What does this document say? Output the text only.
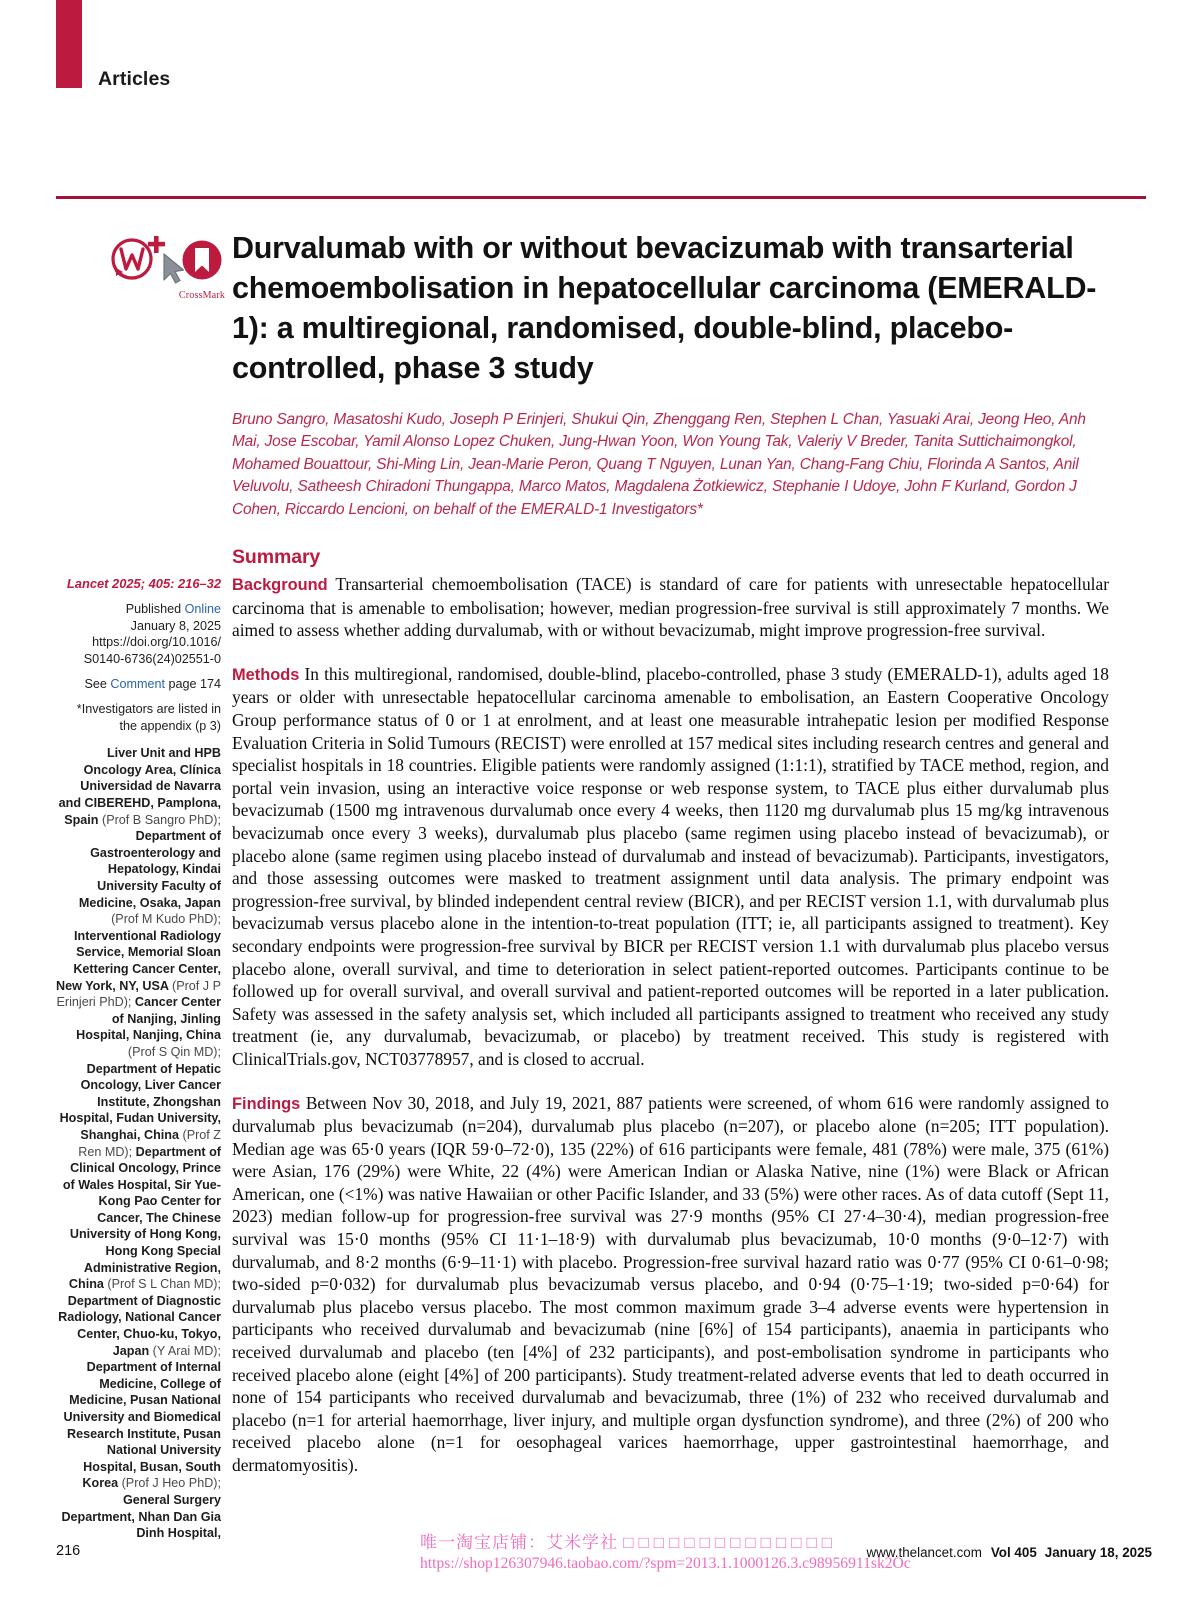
Articles
CrossMark
Durvalumab with or without bevacizumab with transarterial chemoembolisation in hepatocellular carcinoma (EMERALD-1): a multiregional, randomised, double-blind, placebo-controlled, phase 3 study
Bruno Sangro, Masatoshi Kudo, Joseph P Erinjeri, Shukui Qin, Zhenggang Ren, Stephen L Chan, Yasuaki Arai, Jeong Heo, Anh Mai, Jose Escobar, Yamil Alonso Lopez Chuken, Jung-Hwan Yoon, Won Young Tak, Valeriy V Breder, Tanita Suttichaimongkol, Mohamed Bouattour, Shi-Ming Lin, Jean-Marie Peron, Quang T Nguyen, Lunan Yan, Chang-Fang Chiu, Florinda A Santos, Anil Veluvolu, Satheesh Chiradoni Thungappa, Marco Matos, Magdalena Żotkiewicz, Stephanie I Udoye, John F Kurland, Gordon J Cohen, Riccardo Lencioni, on behalf of the EMERALD-1 Investigators*
Summary

Background Transarterial chemoembolisation (TACE) is standard of care for patients with unresectable hepatocellular carcinoma that is amenable to embolisation; however, median progression-free survival is still approximately 7 months. We aimed to assess whether adding durvalumab, with or without bevacizumab, might improve progression-free survival.

Methods In this multiregional, randomised, double-blind, placebo-controlled, phase 3 study (EMERALD-1), adults aged 18 years or older with unresectable hepatocellular carcinoma amenable to embolisation, an Eastern Cooperative Oncology Group performance status of 0 or 1 at enrolment, and at least one measurable intrahepatic lesion per modified Response Evaluation Criteria in Solid Tumours (RECIST) were enrolled at 157 medical sites including research centres and general and specialist hospitals in 18 countries. Eligible patients were randomly assigned (1:1:1), stratified by TACE method, region, and portal vein invasion, using an interactive voice response or web response system, to TACE plus either durvalumab plus bevacizumab (1500 mg intravenous durvalumab once every 4 weeks, then 1120 mg durvalumab plus 15 mg/kg intravenous bevacizumab once every 3 weeks), durvalumab plus placebo (same regimen using placebo instead of bevacizumab), or placebo alone (same regimen using placebo instead of durvalumab and instead of bevacizumab). Participants, investigators, and those assessing outcomes were masked to treatment assignment until data analysis. The primary endpoint was progression-free survival, by blinded independent central review (BICR), and per RECIST version 1.1, with durvalumab plus bevacizumab versus placebo alone in the intention-to-treat population (ITT; ie, all participants assigned to treatment). Key secondary endpoints were progression-free survival by BICR per RECIST version 1.1 with durvalumab plus placebo versus placebo alone, overall survival, and time to deterioration in select patient-reported outcomes. Participants continue to be followed up for overall survival, and overall survival and patient-reported outcomes will be reported in a later publication. Safety was assessed in the safety analysis set, which included all participants assigned to treatment who received any study treatment (ie, any durvalumab, bevacizumab, or placebo) by treatment received. This study is registered with ClinicalTrials.gov, NCT03778957, and is closed to accrual.

Findings Between Nov 30, 2018, and July 19, 2021, 887 patients were screened, of whom 616 were randomly assigned to durvalumab plus bevacizumab (n=204), durvalumab plus placebo (n=207), or placebo alone (n=205; ITT population). Median age was 65·0 years (IQR 59·0–72·0), 135 (22%) of 616 participants were female, 481 (78%) were male, 375 (61%) were Asian, 176 (29%) were White, 22 (4%) were American Indian or Alaska Native, nine (1%) were Black or African American, one (<1%) was native Hawaiian or other Pacific Islander, and 33 (5%) were other races. As of data cutoff (Sept 11, 2023) median follow-up for progression-free survival was 27·9 months (95% CI 27·4–30·4), median progression-free survival was 15·0 months (95% CI 11·1–18·9) with durvalumab plus bevacizumab, 10·0 months (9·0–12·7) with durvalumab, and 8·2 months (6·9–11·1) with placebo. Progression-free survival hazard ratio was 0·77 (95% CI 0·61–0·98; two-sided p=0·032) for durvalumab plus bevacizumab versus placebo, and 0·94 (0·75–1·19; two-sided p=0·64) for durvalumab plus placebo versus placebo. The most common maximum grade 3–4 adverse events were hypertension in participants who received durvalumab and bevacizumab (nine [6%] of 154 participants), anaemia in participants who received durvalumab and placebo (ten [4%] of 232 participants), and post-embolisation syndrome in participants who received placebo alone (eight [4%] of 200 participants). Study treatment-related adverse events that led to death occurred in none of 154 participants who received durvalumab and bevacizumab, three (1%) of 232 who received durvalumab and placebo (n=1 for arterial haemorrhage, liver injury, and multiple organ dysfunction syndrome), and three (2%) of 200 who received placebo alone (n=1 for oesophageal varices haemorrhage, upper gastrointestinal haemorrhage, and dermatomyositis).

Lancet 2025; 405: 216–32
Published Online
January 8, 2025
https://doi.org/10.1016/
S0140-6736(24)02551-0
See Comment page 174
*Investigators are listed in the appendix (p 3)
Liver Unit and HPB Oncology Area, Clínica Universidad de Navarra and CIBEREHD, Pamplona, Spain (Prof B Sangro PhD); Department of Gastroenterology and Hepatology, Kindai University Faculty of Medicine, Osaka, Japan (Prof M Kudo PhD); Interventional Radiology Service, Memorial Sloan Kettering Cancer Center, New York, NY, USA (Prof J P Erinjeri PhD); Cancer Center of Nanjing, Jinling Hospital, Nanjing, China (Prof S Qin MD); Department of Hepatic Oncology, Liver Cancer Institute, Zhongshan Hospital, Fudan University, Shanghai, China (Prof Z Ren MD); Department of Clinical Oncology, Prince of Wales Hospital, Sir Yue-Kong Pao Center for Cancer, The Chinese University of Hong Kong, Hong Kong Special Administrative Region, China (Prof S L Chan MD); Department of Diagnostic Radiology, National Cancer Center, Chuo-ku, Tokyo, Japan (Y Arai MD); Department of Internal Medicine, College of Medicine, Pusan National University and Biomedical Research Institute, Pusan National University Hospital, Busan, South Korea (Prof J Heo PhD); General Surgery Department, Nhan Dan Gia Dinh Hospital,
216	www.thelancet.com Vol 405 January 18, 2025
唯一淘宝店铺：艾米学社 □□□□□□□□□□□□□□
https://shop126307946.taobao.com/?spm=2013.1.1000126.3.c98956911sk2Oc
